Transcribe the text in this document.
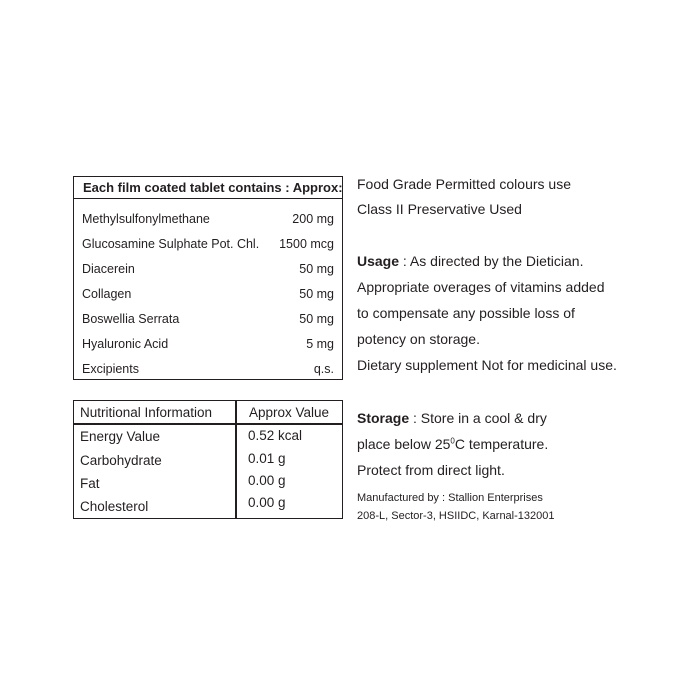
Each film coated tablet contains : Approx:
Methylsulfonylmethane	200 mg
Glucosamine Sulphate Pot. Chl. 1500 mcg
Diacerein	50 mg
Collagen	50 mg
Boswellia Serrata	50 mg
Hyaluronic Acid	5 mg
Excipients	q.s.
Nutritional Information	Approx Value
Energy Value	0.52 kcal
Carbohydrate	0.01 g
Fat	0.00 g
Cholesterol	0.00 g
Food Grade Permitted colours use
Class II Preservative Used
Usage : As directed by the Dietician.
Appropriate overages of vitamins added
to compensate any possible loss of
potency on storage.
Dietary supplement Not for medicinal use.
Storage : Store in a cool & dry
place below $25^0C$ temperature.
Protect from direct light.
Manufactured by : Stallion Enterprises
208-L, Sector-3, HSIIDC, Karnal-132001
